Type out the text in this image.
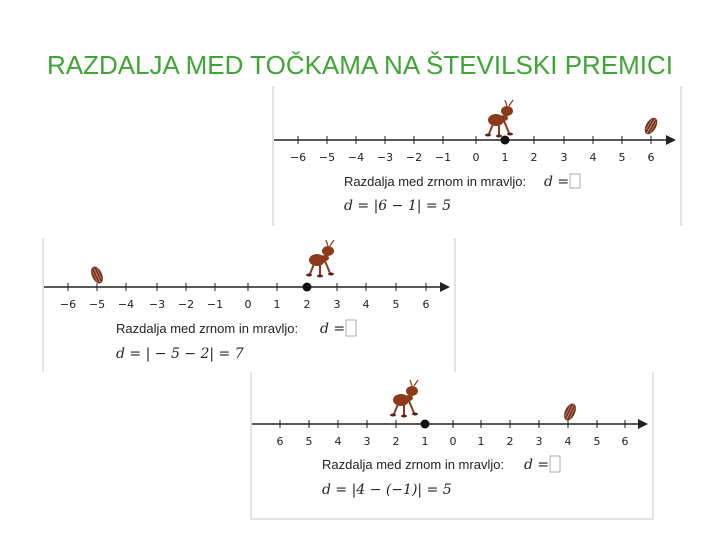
RAZDALJA MED TOČKAMA NA ŠTEVILSKI PREMICI
−6 −5 −4 −3 −2 −1 0 1 2 3 4 5 6
Razdalja med zrnom in mravljo: d =
d = |6 − 1| = 5
−6 −5 −4 −3 −2 −1 0 1 2 3 4 5 6
Razdalja med zrnom in mravljo: d =
d = | − 5 − 2| = 7
6 5 4 3 2 1 0 1 2 3 4 5 6
Razdalja med zrnom in mravljo: d =
d = |4 − (−1)| = 5
